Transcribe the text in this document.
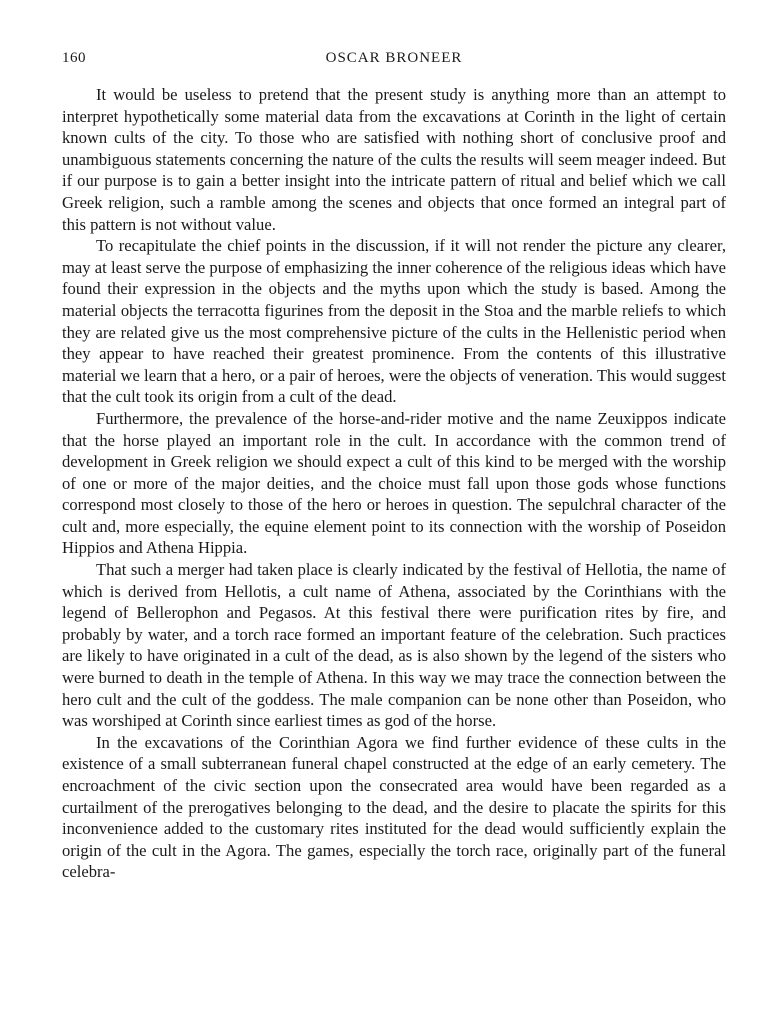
160	OSCAR BRONEER

It would be useless to pretend that the present study is anything more than an attempt to interpret hypothetically some material data from the excavations at Corinth in the light of certain known cults of the city. To those who are satisfied with nothing short of conclusive proof and unambiguous statements concerning the nature of the cults the results will seem meager indeed. But if our purpose is to gain a better insight into the intricate pattern of ritual and belief which we call Greek religion, such a ramble among the scenes and objects that once formed an integral part of this pattern is not without value.

To recapitulate the chief points in the discussion, if it will not render the picture any clearer, may at least serve the purpose of emphasizing the inner coherence of the religious ideas which have found their expression in the objects and the myths upon which the study is based. Among the material objects the terracotta figurines from the deposit in the Stoa and the marble reliefs to which they are related give us the most comprehensive picture of the cults in the Hellenistic period when they appear to have reached their greatest prominence. From the contents of this illustrative material we learn that a hero, or a pair of heroes, were the objects of veneration. This would suggest that the cult took its origin from a cult of the dead.

Furthermore, the prevalence of the horse-and-rider motive and the name Zeuxippos indicate that the horse played an important role in the cult. In accordance with the common trend of development in Greek religion we should expect a cult of this kind to be merged with the worship of one or more of the major deities, and the choice must fall upon those gods whose functions correspond most closely to those of the hero or heroes in question. The sepulchral character of the cult and, more especially, the equine element point to its connection with the worship of Poseidon Hippios and Athena Hippia.

That such a merger had taken place is clearly indicated by the festival of Hellotia, the name of which is derived from Hellotis, a cult name of Athena, associated by the Corinthians with the legend of Bellerophon and Pegasos. At this festival there were purification rites by fire, and probably by water, and a torch race formed an important feature of the celebration. Such practices are likely to have originated in a cult of the dead, as is also shown by the legend of the sisters who were burned to death in the temple of Athena. In this way we may trace the connection between the hero cult and the cult of the goddess. The male companion can be none other than Poseidon, who was worshiped at Corinth since earliest times as god of the horse.

In the excavations of the Corinthian Agora we find further evidence of these cults in the existence of a small subterranean funeral chapel constructed at the edge of an early cemetery. The encroachment of the civic section upon the consecrated area would have been regarded as a curtailment of the prerogatives belonging to the dead, and the desire to placate the spirits for this inconvenience added to the customary rites instituted for the dead would sufficiently explain the origin of the cult in the Agora. The games, especially the torch race, originally part of the funeral celebra-
